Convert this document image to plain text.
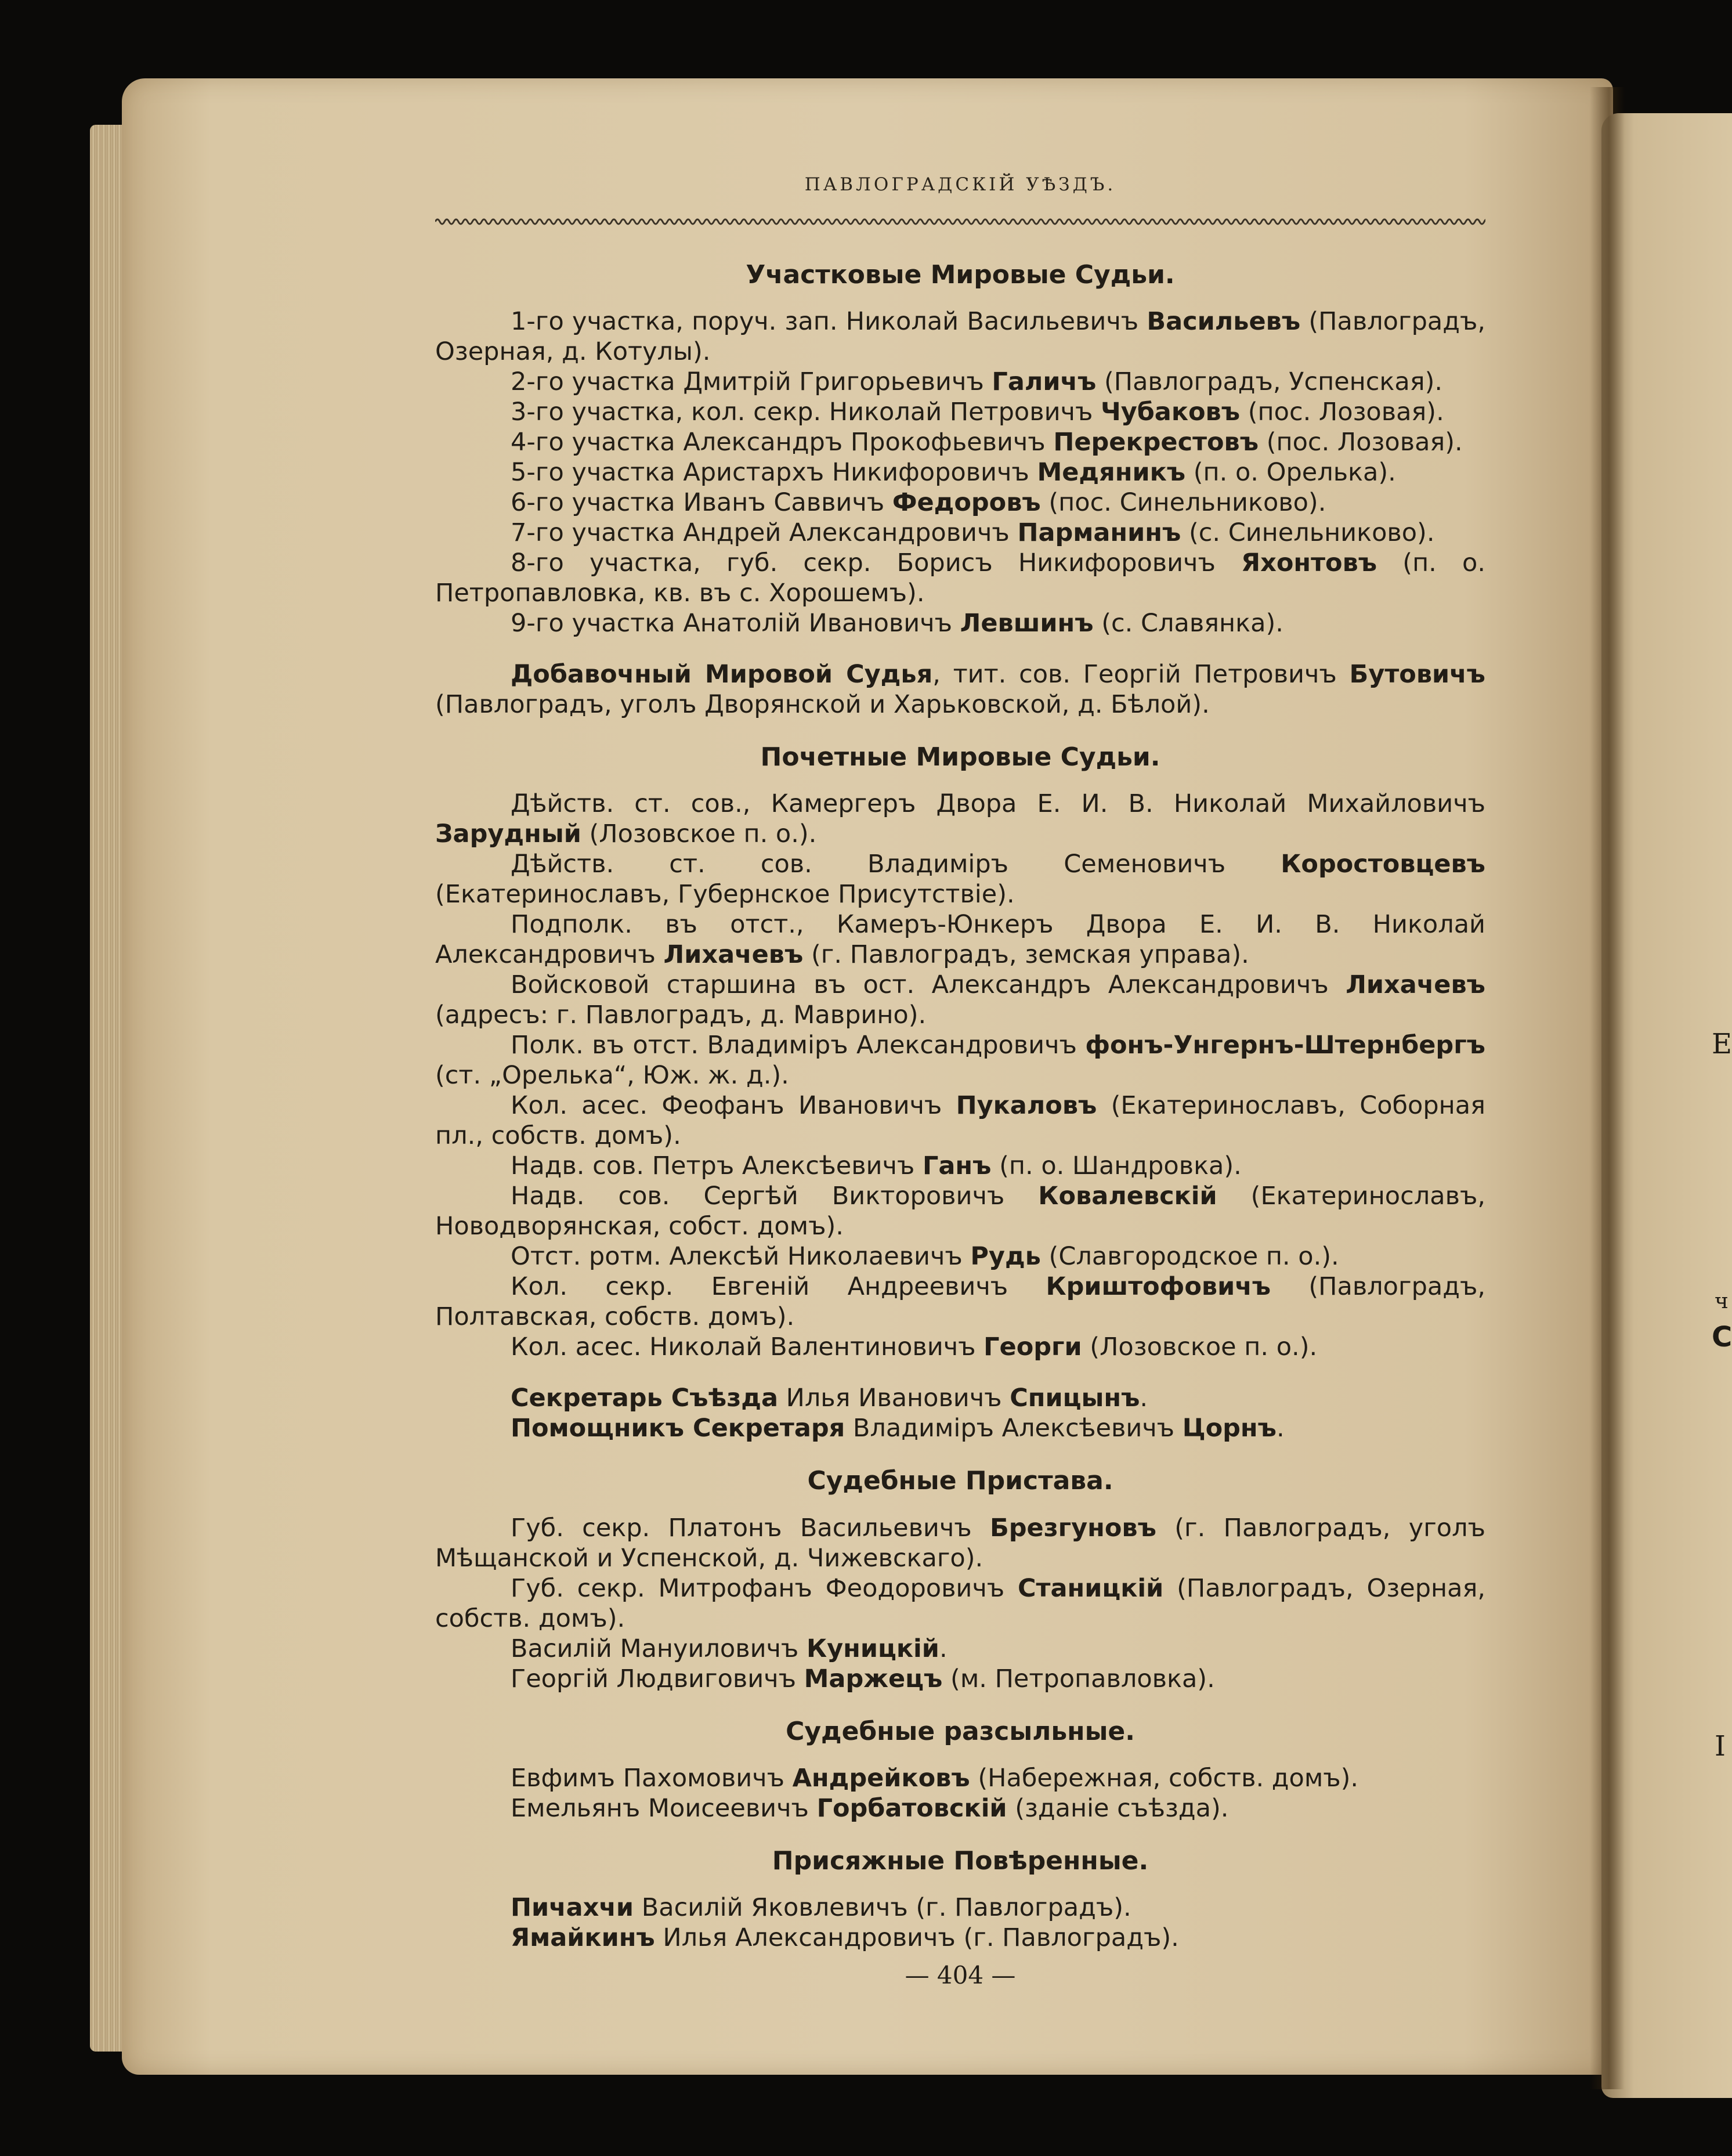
Е
ч
С
I
ПАВЛОГРАДСКІЙ УѢЗДЪ.
Участковые Мировые Судьи.

1-го участка, поруч. зап. Николай Васильевичъ Васильевъ (Павлоградъ, Озерная, д. Котулы).

2-го участка Дмитрій Григорьевичъ Галичъ (Павлоградъ, Успенская).

3-го участка, кол. секр. Николай Петровичъ Чубаковъ (пос. Лозовая).

4-го участка Александръ Прокофьевичъ Перекрестовъ (пос. Лозовая).

5-го участка Аристархъ Никифоровичъ Медяникъ (п. о. Орелька).

6-го участка Иванъ Саввичъ Федоровъ (пос. Синельниково).

7-го участка Андрей Александровичъ Парманинъ (с. Синельниково).

8-го участка, губ. секр. Борисъ Никифоровичъ Яхонтовъ (п. о. Петропавловка, кв. въ с. Хорошемъ).

9-го участка Анатолій Ивановичъ Левшинъ (с. Славянка).

Добавочный Мировой Судья, тит. сов. Георгій Петровичъ Бутовичъ (Павлоградъ, уголъ Дворянской и Харьковской, д. Бѣлой).

Почетные Мировые Судьи.

Дѣйств. ст. сов., Камергеръ Двора Е. И. В. Николай Михайловичъ Зарудный (Лозовское п. о.).

Дѣйств. ст. сов. Владиміръ Семеновичъ Коростовцевъ (Екатеринославъ, Губернское Присутствіе).

Подполк. въ отст., Камеръ-Юнкеръ Двора Е. И. В. Николай Александровичъ Лихачевъ (г. Павлоградъ, земская управа).

Войсковой старшина въ ост. Александръ Александровичъ Лихачевъ (адресъ: г. Павлоградъ, д. Маврино).

Полк. въ отст. Владиміръ Александровичъ фонъ-Унгернъ-Штернбергъ (ст. „Орелька“, Юж. ж. д.).

Кол. асес. Феофанъ Ивановичъ Пукаловъ (Екатеринославъ, Соборная пл., собств. домъ).

Надв. сов. Петръ Алексѣевичъ Ганъ (п. о. Шандровка).

Надв. сов. Сергѣй Викторовичъ Ковалевскій (Екатеринославъ, Новодворянская, собст. домъ).

Отст. ротм. Алексѣй Николаевичъ Рудь (Славгородское п. о.).

Кол. секр. Евгеній Андреевичъ Криштофовичъ (Павлоградъ, Полтавская, собств. домъ).

Кол. асес. Николай Валентиновичъ Георги (Лозовское п. о.).

Секретарь Съѣзда Илья Ивановичъ Спицынъ.

Помощникъ Секретаря Владиміръ Алексѣевичъ Цорнъ.

Судебные Пристава.

Губ. секр. Платонъ Васильевичъ Брезгуновъ (г. Павлоградъ, уголъ Мѣщанской и Успенской, д. Чижевскаго).

Губ. секр. Митрофанъ Феодоровичъ Станицкій (Павлоградъ, Озерная, собств. домъ).

Василій Мануиловичъ Куницкій.

Георгій Людвиговичъ Маржецъ (м. Петропавловка).

Судебные разсыльные.

Евфимъ Пахомовичъ Андрейковъ (Набережная, собств. домъ).

Емельянъ Моисеевичъ Горбатовскій (зданіе съѣзда).

Присяжные Повѣренные.

Пичахчи Василій Яковлевичъ (г. Павлоградъ).

Ямайкинъ Илья Александровичъ (г. Павлоградъ).

— 404 —
